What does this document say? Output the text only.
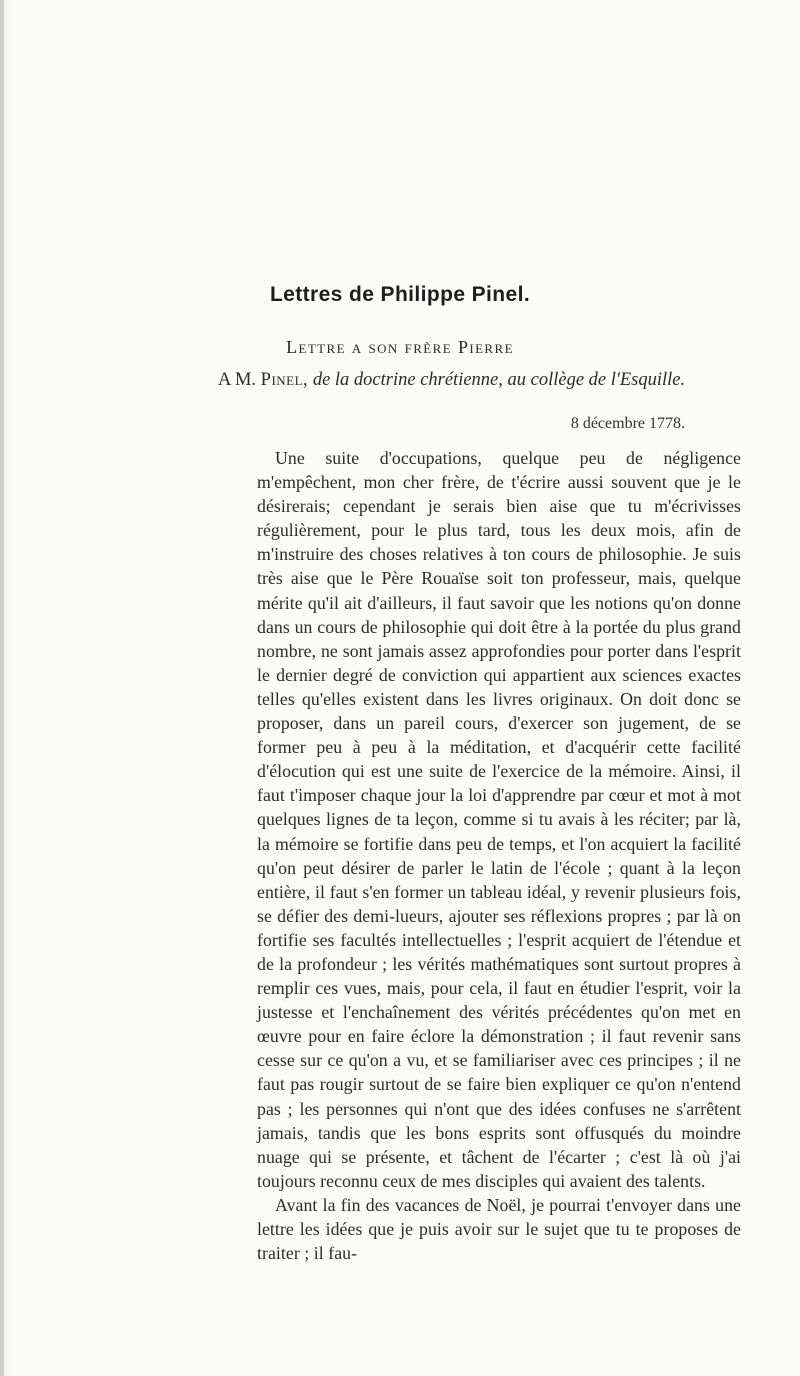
Lettres de Philippe Pinel.
Lettre a son frère Pierre
A M. Pinel, de la doctrine chrétienne, au collège de l'Esquille.
8 décembre 1778.

Une suite d'occupations, quelque peu de négligence m'empêchent, mon cher frère, de t'écrire aussi souvent que je le désirerais; cependant je serais bien aise que tu m'écrivisses régulièrement, pour le plus tard, tous les deux mois, afin de m'instruire des choses relatives à ton cours de philosophie. Je suis très aise que le Père Rouaïse soit ton professeur, mais, quelque mérite qu'il ait d'ailleurs, il faut savoir que les notions qu'on donne dans un cours de philosophie qui doit être à la portée du plus grand nombre, ne sont jamais assez approfondies pour porter dans l'esprit le dernier degré de conviction qui appartient aux sciences exactes telles qu'elles existent dans les livres originaux. On doit donc se proposer, dans un pareil cours, d'exercer son jugement, de se former peu à peu à la méditation, et d'acquérir cette facilité d'élocution qui est une suite de l'exercice de la mémoire. Ainsi, il faut t'imposer chaque jour la loi d'apprendre par cœur et mot à mot quelques lignes de ta leçon, comme si tu avais à les réciter; par là, la mémoire se fortifie dans peu de temps, et l'on acquiert la facilité qu'on peut désirer de parler le latin de l'école ; quant à la leçon entière, il faut s'en former un tableau idéal, y revenir plusieurs fois, se défier des demi-lueurs, ajouter ses réflexions propres ; par là on fortifie ses facultés intellectuelles ; l'esprit acquiert de l'étendue et de la profondeur ; les vérités mathématiques sont surtout propres à remplir ces vues, mais, pour cela, il faut en étudier l'esprit, voir la justesse et l'enchaînement des vérités précédentes qu'on met en œuvre pour en faire éclore la démonstration ; il faut revenir sans cesse sur ce qu'on a vu, et se familiariser avec ces principes ; il ne faut pas rougir surtout de se faire bien expliquer ce qu'on n'entend pas ; les personnes qui n'ont que des idées confuses ne s'arrêtent jamais, tandis que les bons esprits sont offusqués du moindre nuage qui se présente, et tâchent de l'écarter ; c'est là où j'ai toujours reconnu ceux de mes disciples qui avaient des talents.

Avant la fin des vacances de Noël, je pourrai t'envoyer dans une lettre les idées que je puis avoir sur le sujet que tu te proposes de traiter ; il fau-
